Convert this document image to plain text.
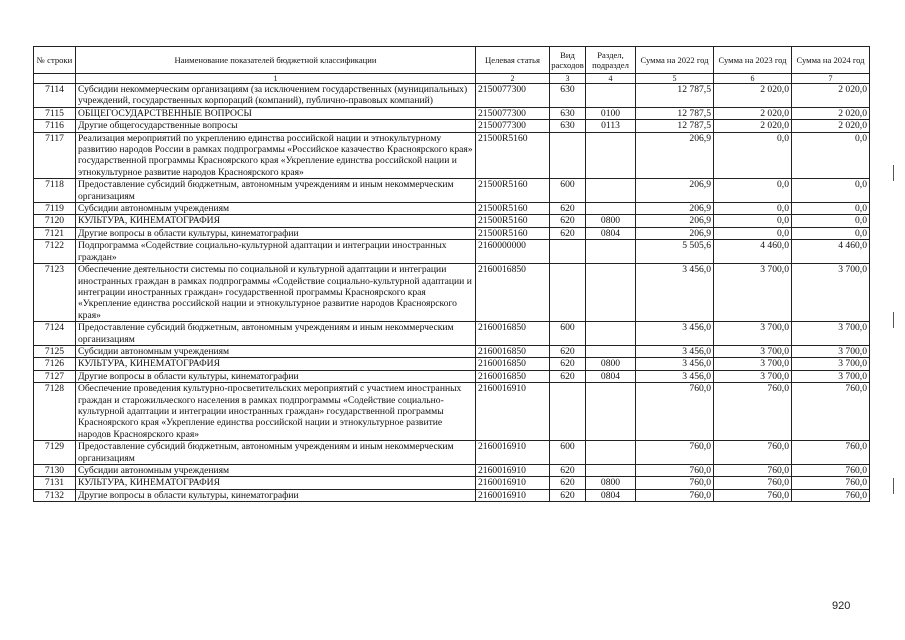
№ строки	Наименование показателей бюджетной классификации	Целевая статья	Вид расходов	Раздел, подраздел	Сумма на 2022 год	Сумма на 2023 год	Сумма на 2024 год
	1	2	3	4	5	6	7
7114	Субсидии некоммерческим организациям (за исключением государственных (муниципальных) учреждений, государственных корпораций (компаний), публично-правовых компаний)	2150077300	630		12 787,5	2 020,0	2 020,0
7115	ОБЩЕГОСУДАРСТВЕННЫЕ ВОПРОСЫ	2150077300	630	0100	12 787,5	2 020,0	2 020,0
7116	Другие общегосударственные вопросы	2150077300	630	0113	12 787,5	2 020,0	2 020,0
7117	Реализация мероприятий по укреплению единства российской нации и этнокультурному развитию народов России в рамках подпрограммы «Российское казачество Красноярского края» государственной программы Красноярского края «Укрепление единства российской нации и этнокультурное развитие народов Красноярского края»	21500R5160			206,9	0,0	0,0
7118	Предоставление субсидий бюджетным, автономным учреждениям и иным некоммерческим организациям	21500R5160	600		206,9	0,0	0,0
7119	Субсидии автономным учреждениям	21500R5160	620		206,9	0,0	0,0
7120	КУЛЬТУРА, КИНЕМАТОГРАФИЯ	21500R5160	620	0800	206,9	0,0	0,0
7121	Другие вопросы в области культуры, кинематографии	21500R5160	620	0804	206,9	0,0	0,0
7122	Подпрограмма «Содействие социально-культурной адаптации и интеграции иностранных граждан»	2160000000			5 505,6	4 460,0	4 460,0
7123	Обеспечение деятельности системы по социальной и культурной адаптации и интеграции иностранных граждан в рамках подпрограммы «Содействие социально-культурной адаптации и интеграции иностранных граждан» государственной программы Красноярского края «Укрепление единства российской нации и этнокультурное развитие народов Красноярского края»	2160016850			3 456,0	3 700,0	3 700,0
7124	Предоставление субсидий бюджетным, автономным учреждениям и иным некоммерческим организациям	2160016850	600		3 456,0	3 700,0	3 700,0
7125	Субсидии автономным учреждениям	2160016850	620		3 456,0	3 700,0	3 700,0
7126	КУЛЬТУРА, КИНЕМАТОГРАФИЯ	2160016850	620	0800	3 456,0	3 700,0	3 700,0
7127	Другие вопросы в области культуры, кинематографии	2160016850	620	0804	3 456,0	3 700,0	3 700,0
7128	Обеспечение проведения культурно-просветительских мероприятий с участием иностранных граждан и старожильческого населения в рамках подпрограммы «Содействие социально-культурной адаптации и интеграции иностранных граждан» государственной программы Красноярского края «Укрепление единства российской нации и этнокультурное развитие народов Красноярского края»	2160016910			760,0	760,0	760,0
7129	Предоставление субсидий бюджетным, автономным учреждениям и иным некоммерческим организациям	2160016910	600		760,0	760,0	760,0
7130	Субсидии автономным учреждениям	2160016910	620		760,0	760,0	760,0
7131	КУЛЬТУРА, КИНЕМАТОГРАФИЯ	2160016910	620	0800	760,0	760,0	760,0
7132	Другие вопросы в области культуры, кинематографии	2160016910	620	0804	760,0	760,0	760,0
920
